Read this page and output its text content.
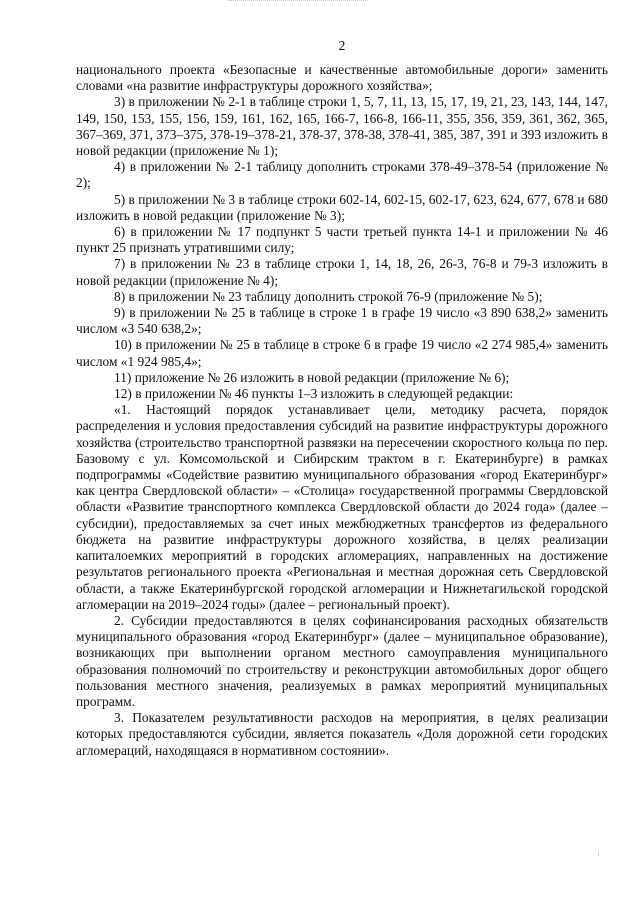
2

национального проекта «Безопасные и качественные автомобильные дороги» заменить словами «на развитие инфраструктуры дорожного хозяйства»;

3) в приложении № 2-1 в таблице строки 1, 5, 7, 11, 13, 15, 17, 19, 21, 23, 143, 144, 147, 149, 150, 153, 155, 156, 159, 161, 162, 165, 166-7, 166-8, 166-11, 355, 356, 359, 361, 362, 365, 367–369, 371, 373–375, 378-19–378-21, 378-37, 378-38, 378-41, 385, 387, 391 и 393 изложить в новой редакции (приложение № 1);

4) в приложении № 2-1 таблицу дополнить строками 378-49–378-54 (приложение № 2);

5) в приложении № 3 в таблице строки 602-14, 602-15, 602-17, 623, 624, 677, 678 и 680 изложить в новой редакции (приложение № 3);

6) в приложении № 17 подпункт 5 части третьей пункта 14-1 и приложении № 46 пункт 25 признать утратившими силу;

7) в приложении № 23 в таблице строки 1, 14, 18, 26, 26-3, 76-8 и 79-3 изложить в новой редакции (приложение № 4);

8) в приложении № 23 таблицу дополнить строкой 76-9 (приложение № 5);

9) в приложении № 25 в таблице в строке 1 в графе 19 число «3 890 638,2» заменить числом «3 540 638,2»;

10) в приложении № 25 в таблице в строке 6 в графе 19 число «2 274 985,4» заменить числом «1 924 985,4»;

11) приложение № 26 изложить в новой редакции (приложение № 6);

12) в приложении № 46 пункты 1–3 изложить в следующей редакции:

«1. Настоящий порядок устанавливает цели, методику расчета, порядок распределения и условия предоставления субсидий на развитие инфраструктуры дорожного хозяйства (строительство транспортной развязки на пересечении скоростного кольца по пер. Базовому с ул. Комсомольской и Сибирским трактом в г. Екатеринбурге) в рамках подпрограммы «Содействие развитию муниципального образования «город Екатеринбург» как центра Свердловской области» – «Столица» государственной программы Свердловской области «Развитие транспортного комплекса Свердловской области до 2024 года» (далее – субсидии), предоставляемых за счет иных межбюджетных трансфертов из федерального бюджета на развитие инфраструктуры дорожного хозяйства, в целях реализации капиталоемких мероприятий в городских агломерациях, направленных на достижение результатов регионального проекта «Региональная и местная дорожная сеть Свердловской области, а также Екатеринбургской городской агломерации и Нижнетагильской городской агломерации на 2019–2024 годы» (далее – региональный проект).

2. Субсидии предоставляются в целях софинансирования расходных обязательств муниципального образования «город Екатеринбург» (далее – муниципальное образование), возникающих при выполнении органом местного самоуправления муниципального образования полномочий по строительству и реконструкции автомобильных дорог общего пользования местного значения, реализуемых в рамках мероприятий муниципальных программ.

3. Показателем результативности расходов на мероприятия, в целях реализации которых предоставляются субсидии, является показатель «Доля дорожной сети городских агломераций, находящаяся в нормативном состоянии».
